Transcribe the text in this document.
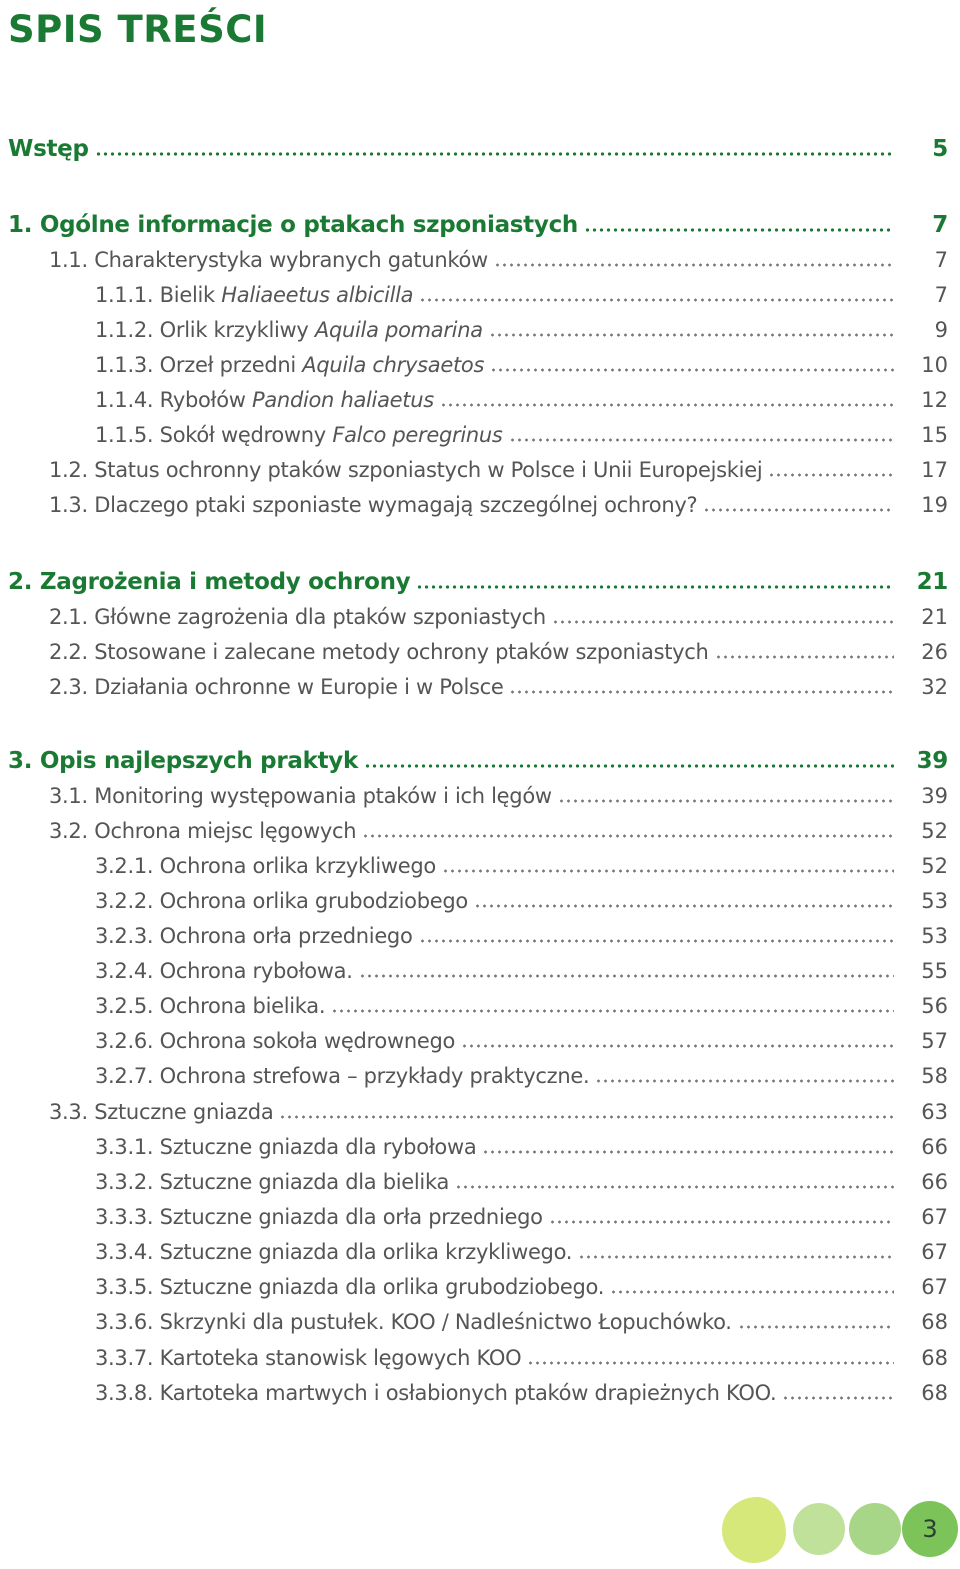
SPIS TREŚCI
Wstęp	5
1. Ogólne informacje o ptakach szponiastych	7
1.1. Charakterystyka wybranych gatunków	7
1.1.1. Bielik Haliaeetus albicilla	7
1.1.2. Orlik krzykliwy Aquila pomarina	9
1.1.3. Orzeł przedni Aquila chrysaetos	10
1.1.4. Rybołów Pandion haliaetus	12
1.1.5. Sokół wędrowny Falco peregrinus	15
1.2. Status ochronny ptaków szponiastych w Polsce i Unii Europejskiej	17
1.3. Dlaczego ptaki szponiaste wymagają szczególnej ochrony?	19
2. Zagrożenia i metody ochrony	21
2.1. Główne zagrożenia dla ptaków szponiastych	21
2.2. Stosowane i zalecane metody ochrony ptaków szponiastych	26
2.3. Działania ochronne w Europie i w Polsce	32
3. Opis najlepszych praktyk	39
3.1. Monitoring występowania ptaków i ich lęgów	39
3.2. Ochrona miejsc lęgowych	52
3.2.1. Ochrona orlika krzykliwego	52
3.2.2. Ochrona orlika grubodziobego	53
3.2.3. Ochrona orła przedniego	53
3.2.4. Ochrona rybołowa.	55
3.2.5. Ochrona bielika.	56
3.2.6. Ochrona sokoła wędrownego	57
3.2.7. Ochrona strefowa – przykłady praktyczne.	58
3.3. Sztuczne gniazda	63
3.3.1. Sztuczne gniazda dla rybołowa	66
3.3.2. Sztuczne gniazda dla bielika	66
3.3.3. Sztuczne gniazda dla orła przedniego	67
3.3.4. Sztuczne gniazda dla orlika krzykliwego.	67
3.3.5. Sztuczne gniazda dla orlika grubodziobego.	67
3.3.6. Skrzynki dla pustułek. KOO / Nadleśnictwo Łopuchówko.	68
3.3.7. Kartoteka stanowisk lęgowych KOO	68
3.3.8. Kartoteka martwych i osłabionych ptaków drapieżnych KOO.	68
3
